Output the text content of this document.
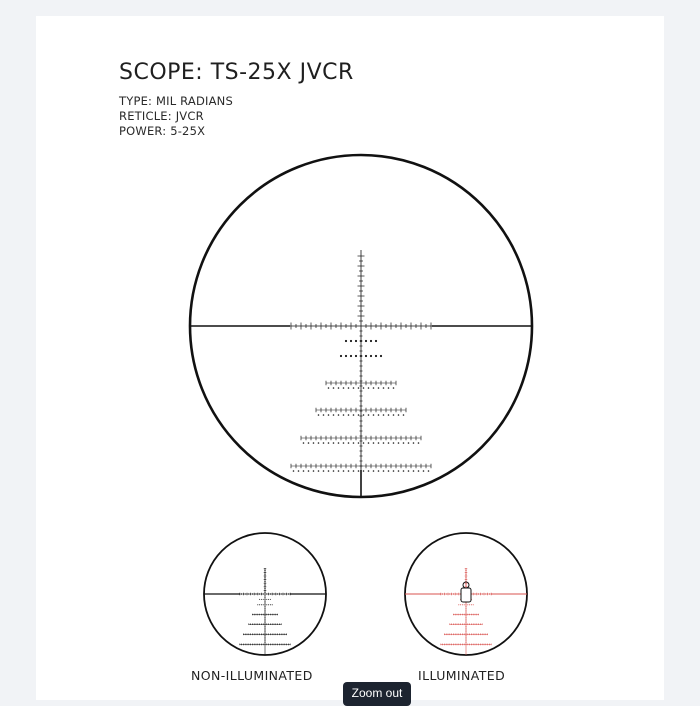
SCOPE: TS-25X JVCR
TYPE: MIL RADIANS
RETICLE: JVCR
POWER: 5-25X
NON-ILLUMINATED	ILLUMINATED
Zoom out
